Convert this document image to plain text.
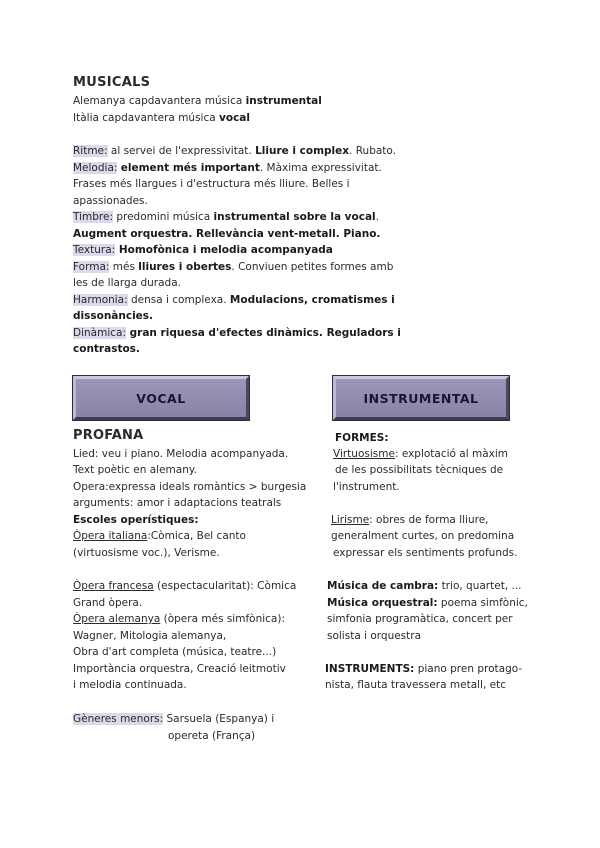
MUSICALS
Alemanya capdavantera música instrumental
Itàlia capdavantera música vocal
Ritme: al servei de l'expressivitat. Lliure i complex. Rubato.
Melodia: element més important. Màxima expressivitat.
Frases més llargues i d'estructura més lliure. Belles i
apassionades.
Timbre: predomini música instrumental sobre la vocal.
Augment orquestra. Rellevància vent-metall. Piano.
Textura: Homofònica i melodia acompanyada
Forma: més lliures i obertes. Conviuen petites formes amb
les de llarga durada.
Harmonia: densa i complexa. Modulacions, cromatismes i
dissonàncies.
Dinàmica: gran riquesa d'efectes dinàmics. Reguladors i
contrastos.
VOCAL	INSTRUMENTAL
PROFANA
Lied: veu i piano. Melodia acompanyada.
Text poètic en alemany.
Opera:expressa ideals romàntics > burgesia
arguments: amor i adaptacions teatrals
Escoles operístiques:
Òpera italiana:Còmica, Bel canto
(virtuosisme voc.), Verisme.
Òpera francesa (espectacularitat): Còmica
Grand òpera.
Òpera alemanya (òpera més simfònica):
Wagner, Mitologia alemanya,
Obra d'art completa (música, teatre...)
Importància orquestra, Creació leitmotiv
i melodia continuada.
Gèneres menors: Sarsuela (Espanya) i
opereta (França)
FORMES:
Virtuosisme: explotació al màxim
de les possibilitats tècniques de
l'instrument.
Lirisme: obres de forma lliure,
generalment curtes, on predomina
expressar els sentiments profunds.
Música de cambra: trio, quartet, ...
Música orquestral: poema simfònic,
simfonia programàtica, concert per
solista i orquestra
INSTRUMENTS: piano pren protago-
nista, flauta travessera metall, etc
